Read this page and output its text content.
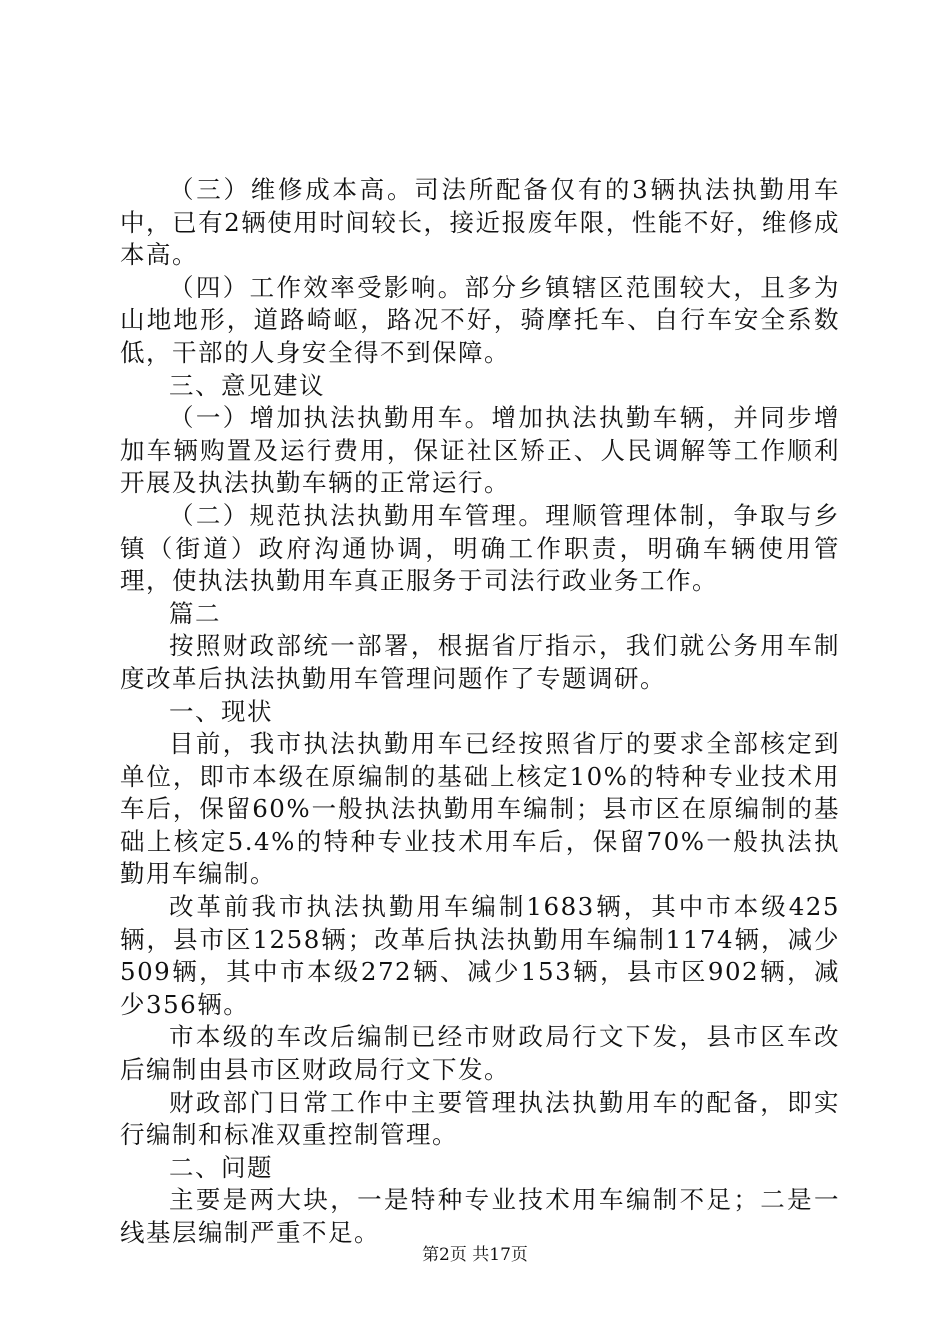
（三）维修成本高。司法所配备仅有的3辆执法执勤用车中，已有2辆使用时间较长，接近报废年限，性能不好，维修成本高。

（四）工作效率受影响。部分乡镇辖区范围较大，且多为山地地形，道路崎岖，路况不好，骑摩托车、自行车安全系数低，干部的人身安全得不到保障。

三、意见建议

（一）增加执法执勤用车。增加执法执勤车辆，并同步增加车辆购置及运行费用，保证社区矫正、人民调解等工作顺利开展及执法执勤车辆的正常运行。

（二）规范执法执勤用车管理。理顺管理体制，争取与乡镇（街道）政府沟通协调，明确工作职责，明确车辆使用管理，使执法执勤用车真正服务于司法行政业务工作。

篇二

按照财政部统一部署，根据省厅指示，我们就公务用车制度改革后执法执勤用车管理问题作了专题调研。

一、现状

目前，我市执法执勤用车已经按照省厅的要求全部核定到单位，即市本级在原编制的基础上核定10%的特种专业技术用车后，保留60%一般执法执勤用车编制；县市区在原编制的基础上核定5.4%的特种专业技术用车后，保留70%一般执法执勤用车编制。

改革前我市执法执勤用车编制1683辆，其中市本级425辆，县市区1258辆；改革后执法执勤用车编制1174辆，减少509辆，其中市本级272辆、减少153辆，县市区902辆，减少356辆。

市本级的车改后编制已经市财政局行文下发，县市区车改后编制由县市区财政局行文下发。

财政部门日常工作中主要管理执法执勤用车的配备，即实行编制和标准双重控制管理。

二、问题

主要是两大块，一是特种专业技术用车编制不足；二是一线基层编制严重不足。

第2页 共17页
